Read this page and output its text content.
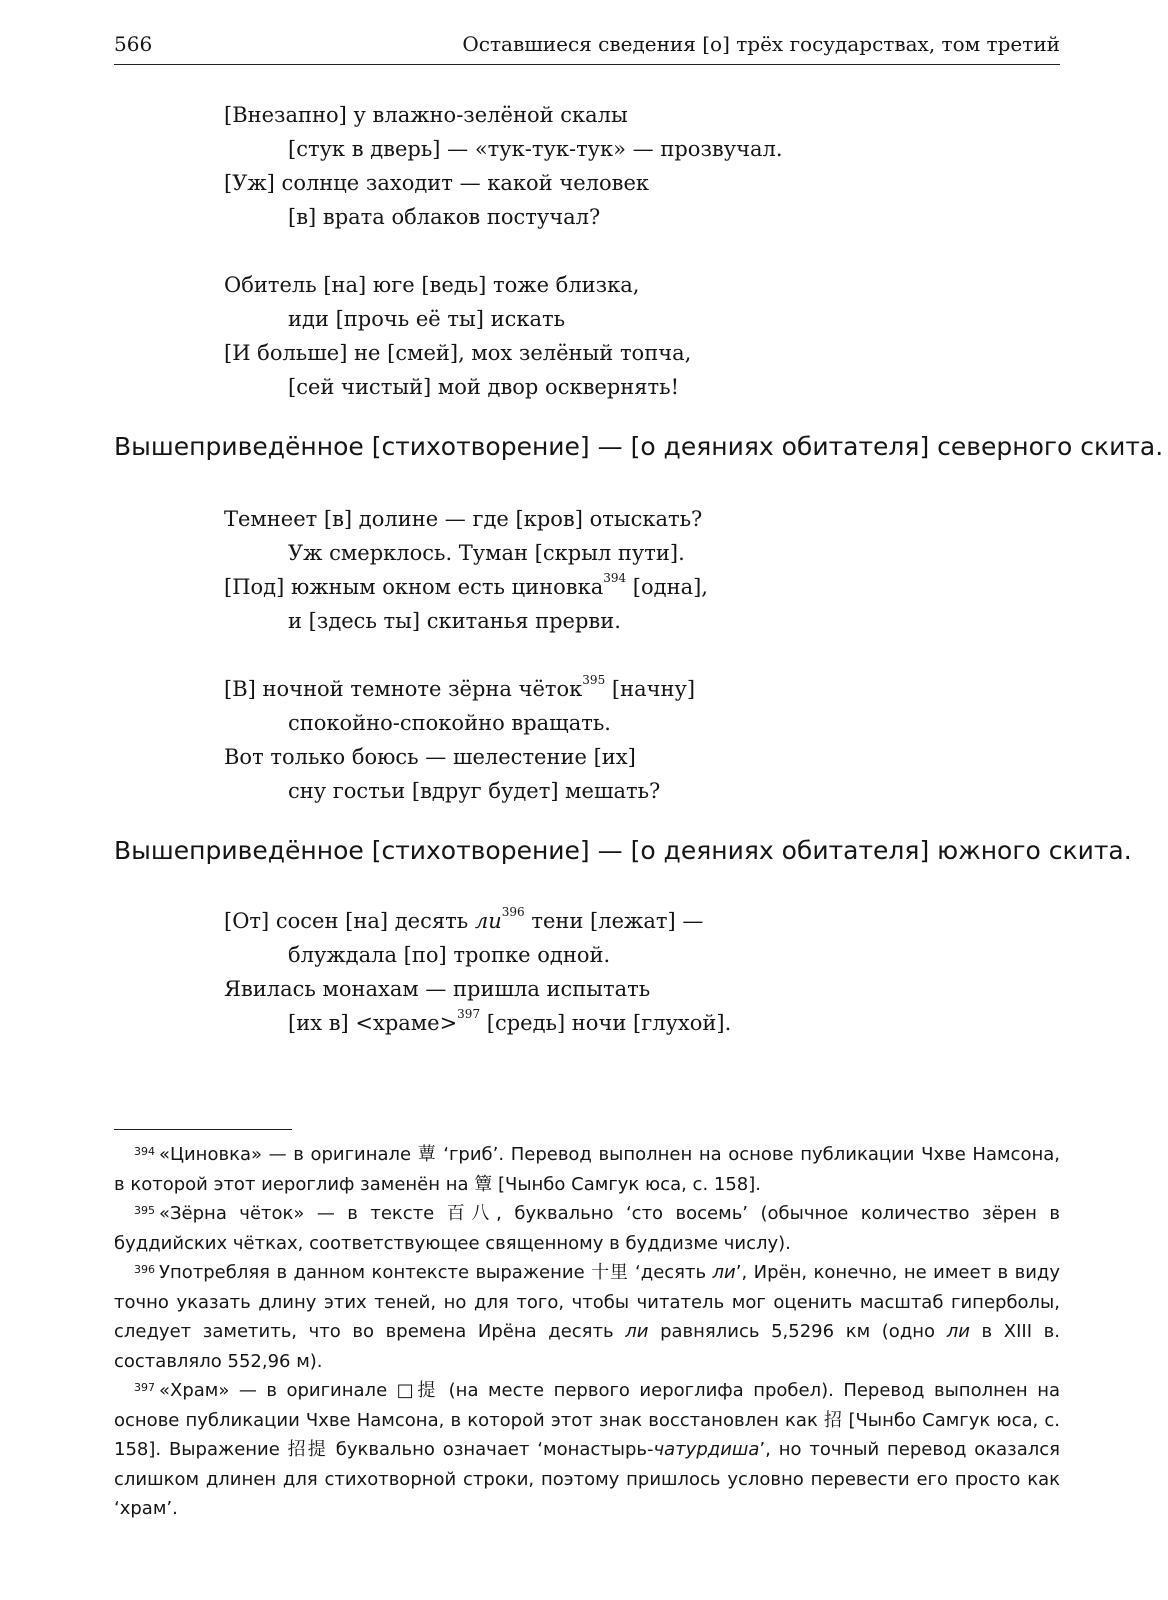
566	Оставшиеся сведения [о] трёх государствах, том третий
[Внезапно] у влажно-зелёной скалы
[стук в дверь] — «тук-тук-тук» — прозвучал.
[Уж] солнце заходит — какой человек
[в] врата облаков постучал?
Обитель [на] юге [ведь] тоже близка,
иди [прочь её ты] искать
[И больше] не [смей], мох зелёный топча,
[сей чистый] мой двор осквернять!
Вышеприведённое [стихотворение] — [о деяниях обитателя] северного скита.
Темнеет [в] долине — где [кров] отыскать?
Уж смерклось. Туман [скрыл пути].
[Под] южным окном есть циновка$^{394}$ [одна],
и [здесь ты] скитанья прерви.
[В] ночной темноте зёрна чёток$^{395}$ [начну]
спокойно-спокойно вращать.
Вот только боюсь — шелестение [их]
сну гостьи [вдруг будет] мешать?
Вышеприведённое [стихотворение] — [о деяниях обитателя] южного скита.
[От] сосен [на] десять $ли^{396}$ тени [лежат] —
блуждала [по] тропке одной.
Явилась монахам — пришла испытать
[их в] <храме>$^{397}$ [средь] ночи [глухой].

$^{394}$ «Циновка» — в оригинале 蕈 ‘гриб’. Перевод выполнен на основе публикации Чхве Намсона, в которой этот иероглиф заменён на 簟 [Чынбо Самгук юса, с. 158].

$^{395}$ «Зёрна чёток» — в тексте 百八, буквально ‘сто восемь’ (обычное количество зёрен в буддийских чётках, соответствующее священному в буддизме числу).

$^{396}$ Употребляя в данном контексте выражение 十里 ‘десять ли’, Ирён, конечно, не имеет в виду точно указать длину этих теней, но для того, чтобы читатель мог оценить масштаб гиперболы, следует заметить, что во времена Ирёна десять ли равнялись 5,5296 км (одно ли в XIII в. составляло 552,96 м).

$^{397}$ «Храм» — в оригинале □提 (на месте первого иероглифа пробел). Перевод выполнен на основе публикации Чхве Намсона, в которой этот знак восстановлен как 招 [Чынбо Самгук юса, с. 158]. Выражение 招提 буквально означает ‘монастырь-чатурдиша’, но точный перевод оказался слишком длинен для стихотворной строки, поэтому пришлось условно перевести его просто как ‘храм’.
